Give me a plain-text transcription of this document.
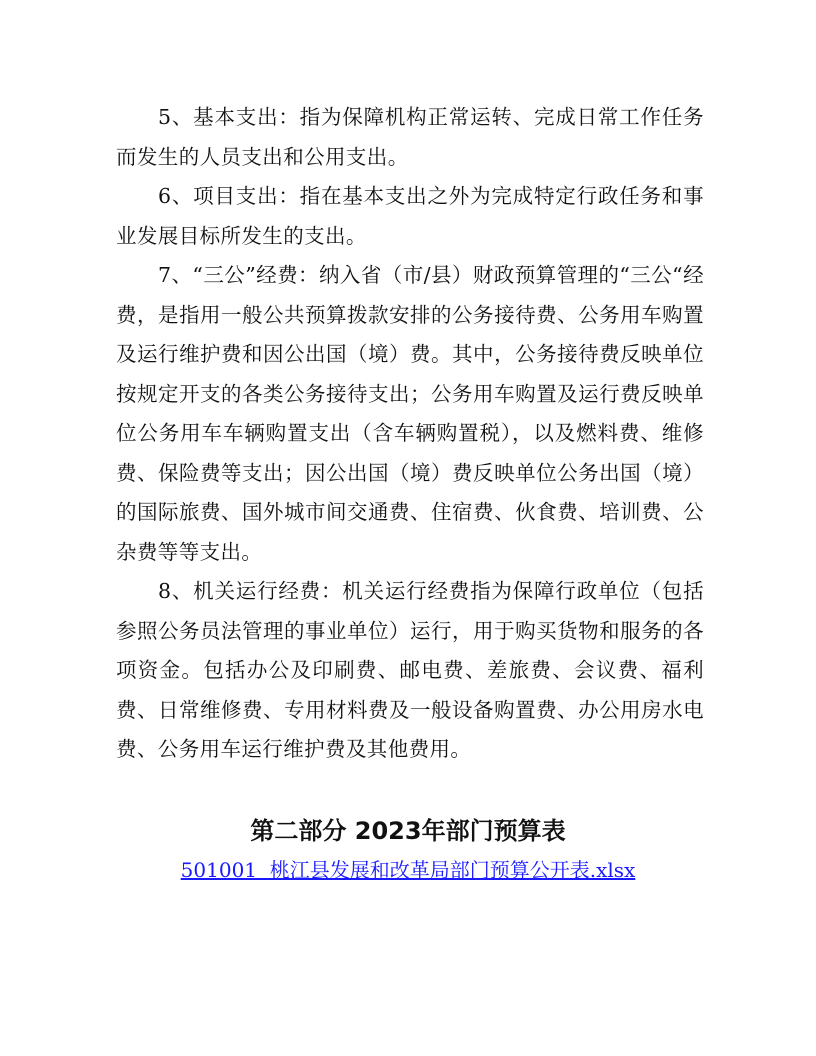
5、基本支出：指为保障机构正常运转、完成日常工作任务而发生的人员支出和公用支出。

6、项目支出：指在基本支出之外为完成特定行政任务和事业发展目标所发生的支出。

7、“三公”经费：纳入省（市/县）财政预算管理的“三公“经费，是指用一般公共预算拨款安排的公务接待费、公务用车购置及运行维护费和因公出国（境）费。其中，公务接待费反映单位按规定开支的各类公务接待支出；公务用车购置及运行费反映单位公务用车车辆购置支出（含车辆购置税），以及燃料费、维修费、保险费等支出；因公出国（境）费反映单位公务出国（境）的国际旅费、国外城市间交通费、住宿费、伙食费、培训费、公杂费等等支出。

8、机关运行经费：机关运行经费指为保障行政单位（包括参照公务员法管理的事业单位）运行，用于购买货物和服务的各项资金。包括办公及印刷费、邮电费、差旅费、会议费、福利费、日常维修费、专用材料费及一般设备购置费、办公用房水电费、公务用车运行维护费及其他费用。

第二部分 2023年部门预算表
501001  桃江县发展和改革局部门预算公开表.xlsx
